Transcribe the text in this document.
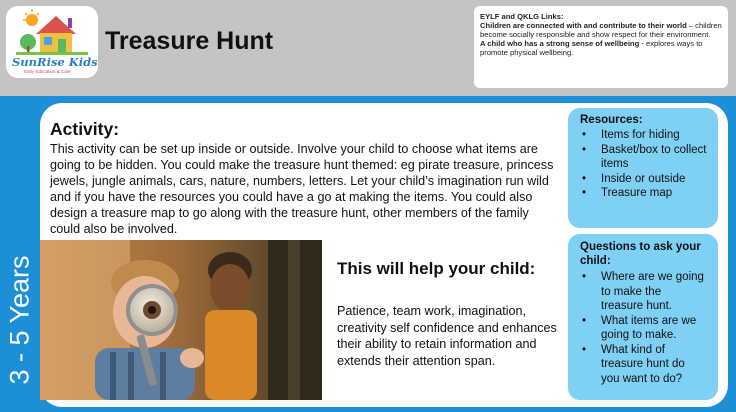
SunRise Kids
Early Education & Care
Treasure Hunt

EYLF and QKLG Links:

Children are connected with and contribute to their world – children become socially responsible and show respect for their environment.

A child who has a strong sense of wellbeing - explores ways to promote physical wellbeing.

3 - 5 Years
Activity:

This activity can be set up inside or outside. Involve your child to choose what items are going to be hidden. You could make the treasure hunt themed: eg pirate treasure, princess jewels, jungle animals, cars, nature, numbers, letters. Let your child’s imagination run wild and if you have the resources you could have a go at making the items. You could also design a treasure map to go along with the treasure hunt, other members of the family could also be involved.

This will help your child:

Patience, team work, imagination, creativity self confidence and enhances their ability to retain information and extends their attention span.

Resources:

• Items for hiding
• Basket/box to collect items
• Inside or outside
• Treasure map

Questions to ask your child:

• Where are we going to make the treasure hunt.
• What items are we going to make.
• What kind of treasure hunt do you want to do?
